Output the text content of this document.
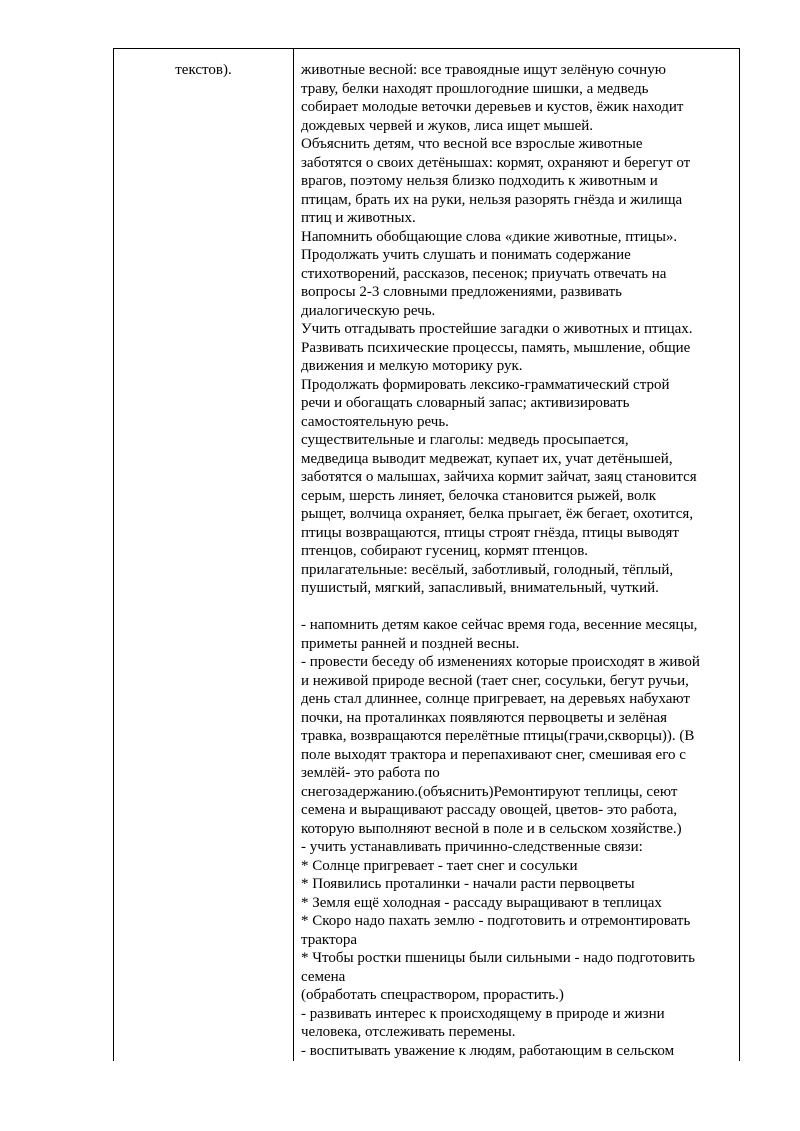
текстов).	животные весной: все травоядные ищут зелёную сочную
траву, белки находят прошлогодние шишки, а медведь
собирает молодые веточки деревьев и кустов, ёжик находит
дождевых червей и жуков, лиса ищет мышей.
Объяснить детям, что весной все взрослые животные
заботятся о своих детёнышах: кормят, охраняют и берегут от
врагов, поэтому нельзя близко подходить к животным и
птицам, брать их на руки, нельзя разорять гнёзда и жилища
птиц и животных.
Напомнить обобщающие слова «дикие животные, птицы».
Продолжать учить слушать и понимать содержание
стихотворений, рассказов, песенок; приучать отвечать на
вопросы 2-3 словными предложениями, развивать
диалогическую речь.
Учить отгадывать простейшие загадки о животных и птицах.
Развивать психические процессы, память, мышление, общие
движения и мелкую моторику рук.
Продолжать формировать лексико-грамматический строй
речи и обогащать словарный запас; активизировать
самостоятельную речь.
существительные и глаголы: медведь просыпается,
медведица выводит медвежат, купает их, учат детёнышей,
заботятся о малышах, зайчиха кормит зайчат, заяц становится
серым, шерсть линяет, белочка становится рыжей, волк
рыщет, волчица охраняет, белка прыгает, ёж бегает, охотится,
птицы возвращаются, птицы строят гнёзда, птицы выводят
птенцов, собирают гусениц, кормят птенцов.
прилагательные: весёлый, заботливый, голодный, тёплый,
пушистый, мягкий, запасливый, внимательный, чуткий.
- напомнить детям какое сейчас время года, весенние месяцы,
приметы ранней и поздней весны.
- провести беседу об изменениях которые происходят в живой
и неживой природе весной (тает снег, сосульки, бегут ручьи,
день стал длиннее, солнце пригревает, на деревьях набухают
почки, на проталинках появляются первоцветы и зелёная
травка, возвращаются перелётные птицы(грачи,скворцы)). (В
поле выходят трактора и перепахивают снег, смешивая его с
землёй- это работа по
снегозадержанию.(объяснить)Ремонтируют теплицы, сеют
семена и выращивают рассаду овощей, цветов- это работа,
которую выполняют весной в поле и в сельском хозяйстве.)
- учить устанавливать причинно-следственные связи:
* Солнце пригревает - тает снег и сосульки
* Появились проталинки - начали расти первоцветы
* Земля ещё холодная - рассаду выращивают в теплицах
* Скоро надо пахать землю - подготовить и отремонтировать
трактора
* Чтобы ростки пшеницы были сильными - надо подготовить
семена
(обработать спецраствором, прорастить.)
- развивать интерес к происходящему в природе и жизни
человека, отслеживать перемены.
- воспитывать уважение к людям, работающим в сельском
